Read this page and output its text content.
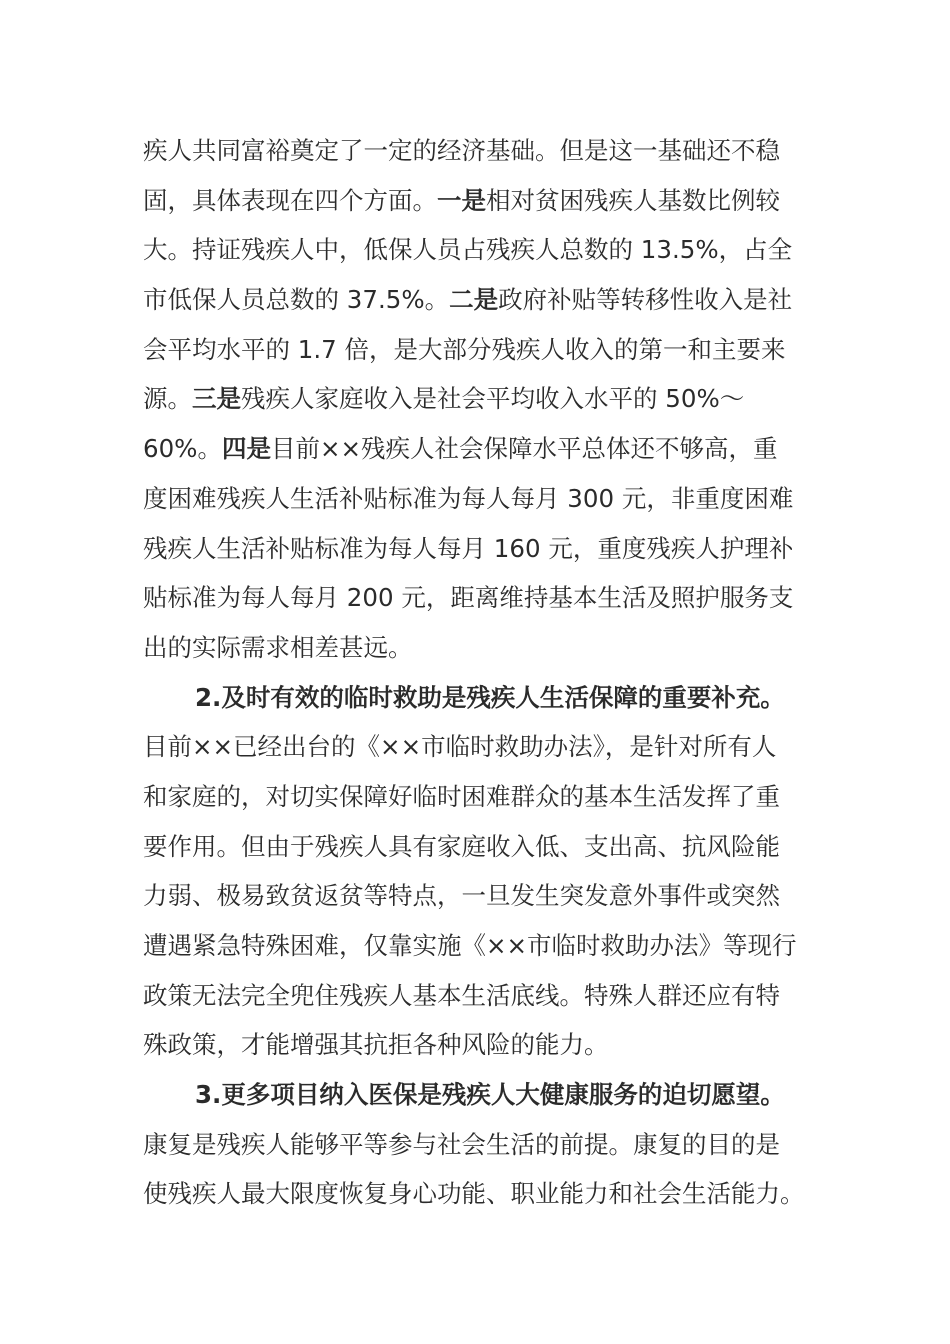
疾人共同富裕奠定了一定的经济基础。但是这一基础还不稳
固，具体表现在四个方面。一是相对贫困残疾人基数比例较
大。持证残疾人中，低保人员占残疾人总数的 13.5%，占全
市低保人员总数的 37.5%。二是政府补贴等转移性收入是社
会平均水平的 1.7 倍，是大部分残疾人收入的第一和主要来
源。三是残疾人家庭收入是社会平均收入水平的 50%～
60%。四是目前××残疾人社会保障水平总体还不够高，重
度困难残疾人生活补贴标准为每人每月 300 元，非重度困难
残疾人生活补贴标准为每人每月 160 元，重度残疾人护理补
贴标准为每人每月 200 元，距离维持基本生活及照护服务支
出的实际需求相差甚远。
2.及时有效的临时救助是残疾人生活保障的重要补充。
目前××已经出台的《××市临时救助办法》，是针对所有人
和家庭的，对切实保障好临时困难群众的基本生活发挥了重
要作用。但由于残疾人具有家庭收入低、支出高、抗风险能
力弱、极易致贫返贫等特点，一旦发生突发意外事件或突然
遭遇紧急特殊困难，仅靠实施《××市临时救助办法》等现行
政策无法完全兜住残疾人基本生活底线。特殊人群还应有特
殊政策，才能增强其抗拒各种风险的能力。
3.更多项目纳入医保是残疾人大健康服务的迫切愿望。
康复是残疾人能够平等参与社会生活的前提。康复的目的是
使残疾人最大限度恢复身心功能、职业能力和社会生活能力。
